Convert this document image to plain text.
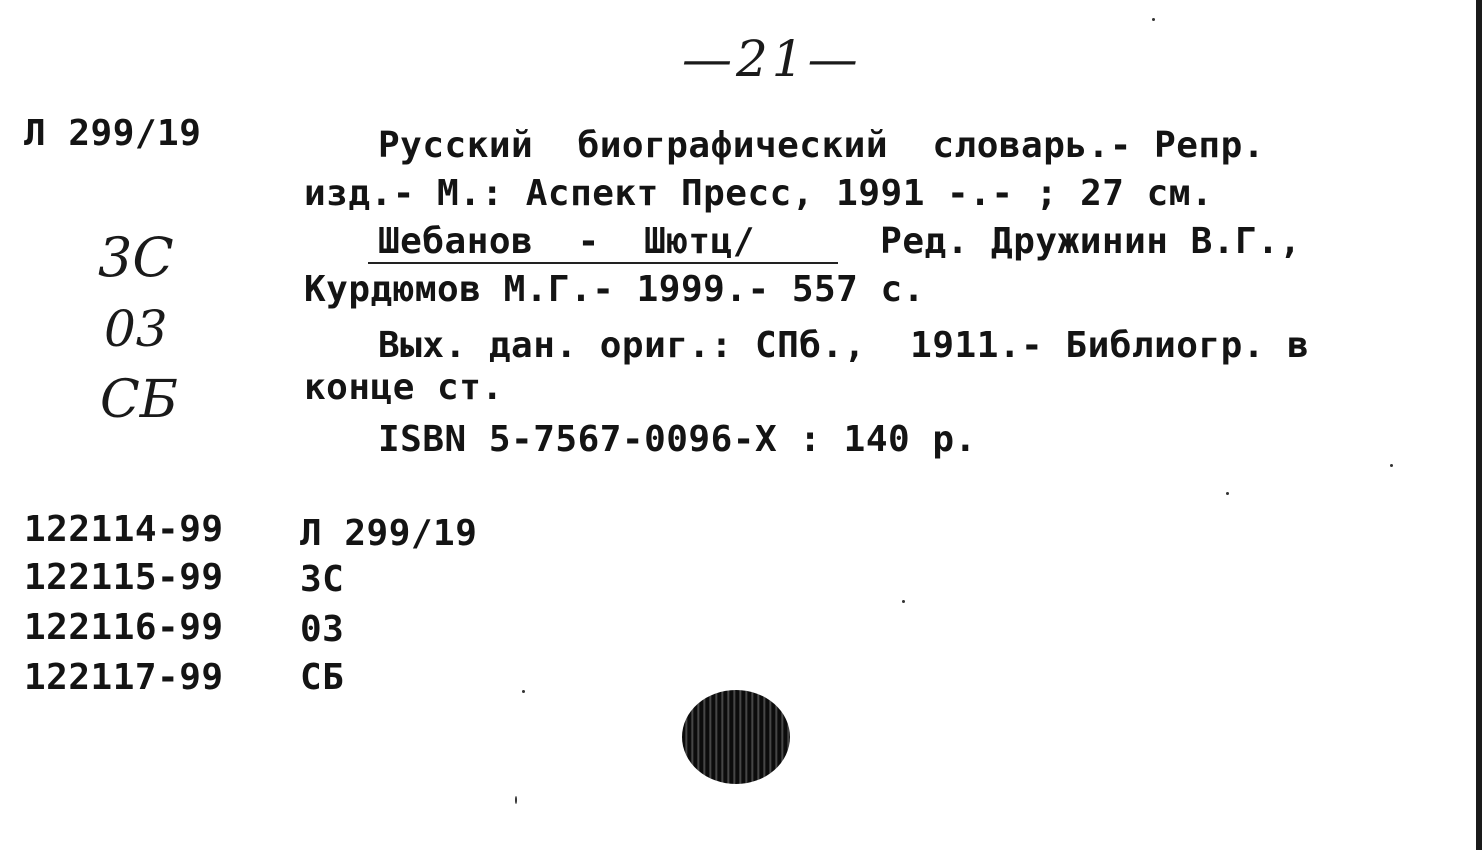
—21—
Л 299/19	Русский  биографический  словарь.- Репр.
изд.- М.: Аспект Пресс, 1991 -.- ; 27 см.
Шебанов  -  Шютц/	Ред. Дружинин В.Г.,
Курдюмов М.Г.- 1999.- 557 с.
Вых. дан. ориг.: СПб.,  1911.- Библиогр. в
конце ст.
ISBN 5-7567-0096-Х : 140 р.
3С
03
СБ
122114-99 Л 299/19
122115-99 3С
122116-99 03
122117-99 СБ
